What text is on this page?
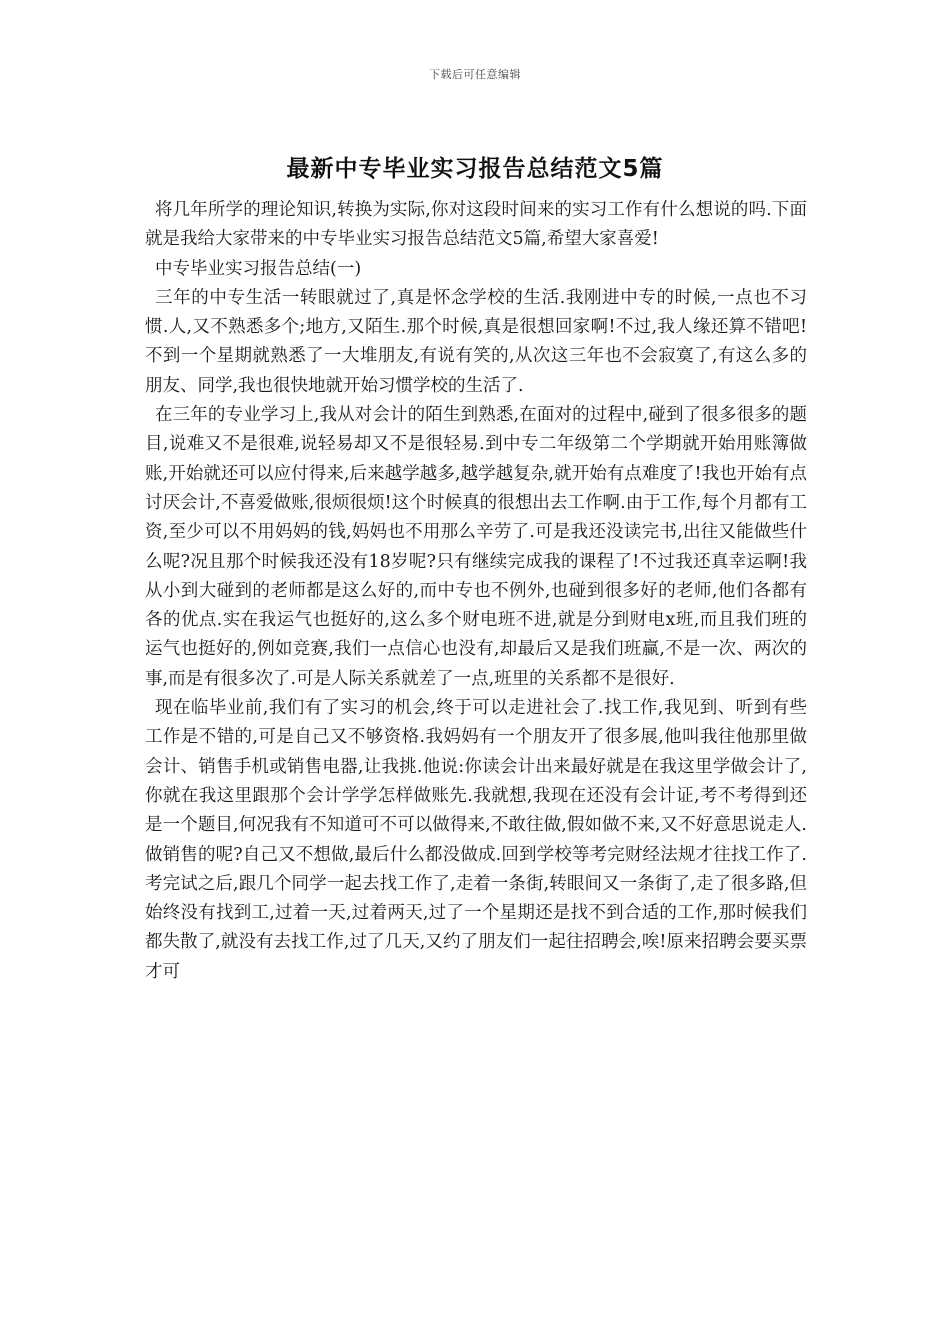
下载后可任意编辑
最新中专毕业实习报告总结范文5篇

将几年所学的理论知识,转换为实际,你对这段时间来的实习工作有什么想说的吗.下面就是我给大家带来的中专毕业实习报告总结范文5篇,希望大家喜爱!

中专毕业实习报告总结(一)

三年的中专生活一转眼就过了,真是怀念学校的生活.我刚进中专的时候,一点也不习惯.人,又不熟悉多个;地方,又陌生.那个时候,真是很想回家啊!不过,我人缘还算不错吧!不到一个星期就熟悉了一大堆朋友,有说有笑的,从次这三年也不会寂寞了,有这么多的朋友、同学,我也很快地就开始习惯学校的生活了.

在三年的专业学习上,我从对会计的陌生到熟悉,在面对的过程中,碰到了很多很多的题目,说难又不是很难,说轻易却又不是很轻易.到中专二年级第二个学期就开始用账簿做账,开始就还可以应付得来,后来越学越多,越学越复杂,就开始有点难度了!我也开始有点讨厌会计,不喜爱做账,很烦很烦!这个时候真的很想出去工作啊.由于工作,每个月都有工资,至少可以不用妈妈的钱,妈妈也不用那么辛劳了.可是我还没读完书,出往又能做些什么呢?况且那个时候我还没有18岁呢?只有继续完成我的课程了!不过我还真幸运啊!我从小到大碰到的老师都是这么好的,而中专也不例外,也碰到很多好的老师,他们各都有各的优点.实在我运气也挺好的,这么多个财电班不进,就是分到财电x班,而且我们班的运气也挺好的,例如竞赛,我们一点信心也没有,却最后又是我们班赢,不是一次、两次的事,而是有很多次了.可是人际关系就差了一点,班里的关系都不是很好.

现在临毕业前,我们有了实习的机会,终于可以走进社会了.找工作,我见到、听到有些工作是不错的,可是自己又不够资格.我妈妈有一个朋友开了很多展,他叫我往他那里做会计、销售手机或销售电器,让我挑.他说:你读会计出来最好就是在我这里学做会计了,你就在我这里跟那个会计学学怎样做账先.我就想,我现在还没有会计证,考不考得到还是一个题目,何况我有不知道可不可以做得来,不敢往做,假如做不来,又不好意思说走人.做销售的呢?自己又不想做,最后什么都没做成.回到学校等考完财经法规才往找工作了.考完试之后,跟几个同学一起去找工作了,走着一条街,转眼间又一条街了,走了很多路,但始终没有找到工,过着一天,过着两天,过了一个星期还是找不到合适的工作,那时候我们都失散了,就没有去找工作,过了几天,又约了朋友们一起往招聘会,唉!原来招聘会要买票才可
